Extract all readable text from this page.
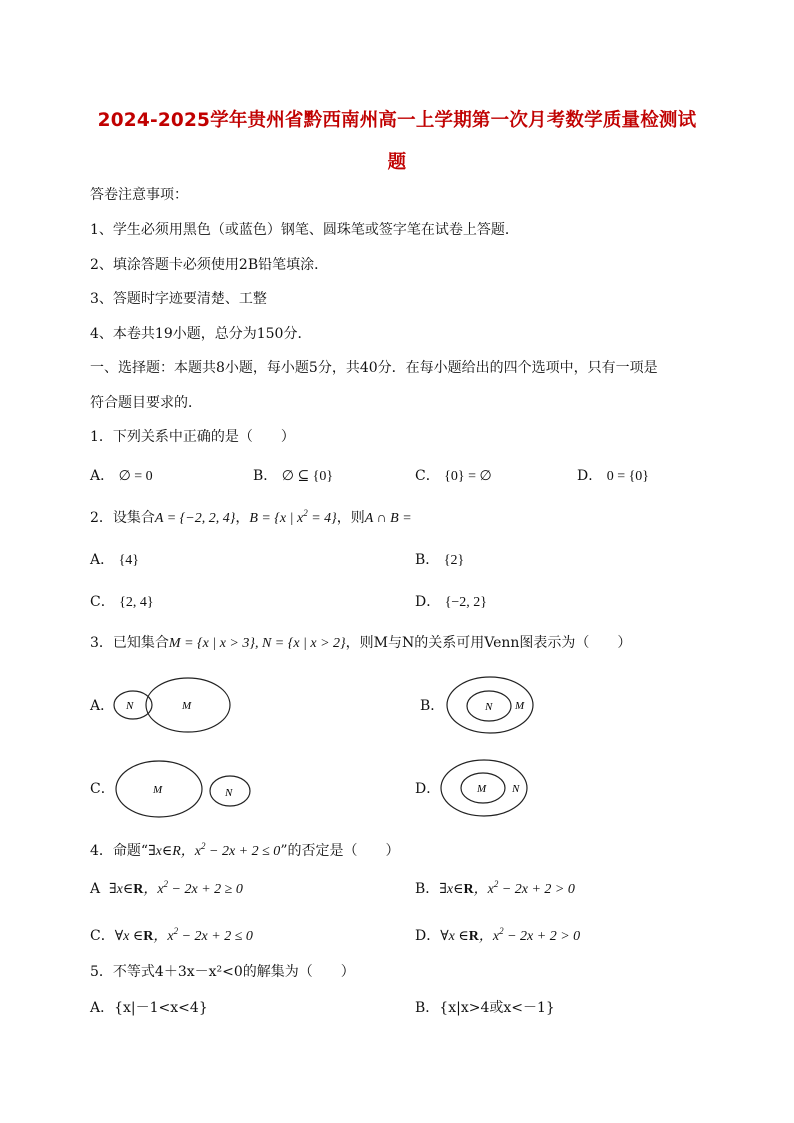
2024-2025学年贵州省黔西南州高一上学期第一次月考数学质量检测试
题
答卷注意事项：
1、学生必须用黑色（或蓝色）钢笔、圆珠笔或签字笔在试卷上答题．
2、填涂答题卡必须使用2B铅笔填涂．
3、答题时字迹要清楚、工整
4、本卷共19小题，总分为150分．
一、选择题：本题共8小题，每小题5分，共40分．在每小题给出的四个选项中，只有一项是
符合题目要求的．
1．下列关系中正确的是（　　）
A． ∅ = 0	B． ∅ ⊆ {0}	C． {0} = ∅	D． 0 = {0}
2．设集合A = {−2, 2, 4}，B = {x | $x^2 = 4$}，则A ∩ B =
A． {4}	B． {2}
C． {2, 4}	D． {−2, 2}
3．已知集合M = {x | x > 3}, N = {x | x > 2}，则M与N的关系可用Venn图表示为（　　）
A． N	M	B．	N M
C．	M	N	D．	M N
4．命题“∃x∈R，$x^2 - 2x + 2 \le 0$”的否定是（　　）
A ∃x∈R，$x^2 - 2x + 2 \ge 0$	B．∃x∈R，$x^2 - 2x + 2 > 0$
C．∀x ∈R，$x^2 - 2x + 2 \le 0$	D．∀x ∈R，$x^2 - 2x + 2 > 0$
5．不等式4＋3x－x²<0的解集为（　　）
A．{x|－1<x<4}	B．{x|x>4或x<－1}
